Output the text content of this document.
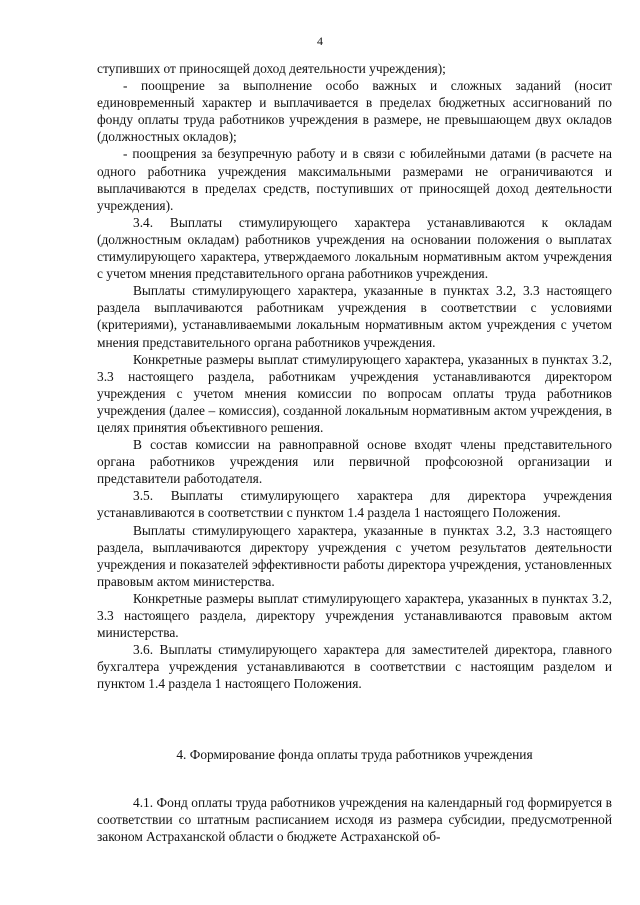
4

ступивших от приносящей доход деятельности учреждения);

- поощрение за выполнение особо важных и сложных заданий (носит единовременный характер и выплачивается в пределах бюджетных ассигнований по фонду оплаты труда работников учреждения в размере, не превышающем двух окладов (должностных окладов);

- поощрения за безупречную работу и в связи с юбилейными датами (в расчете на одного работника учреждения максимальными размерами не ограничиваются и выплачиваются в пределах средств, поступивших от приносящей доход деятельности учреждения).

3.4. Выплаты стимулирующего характера устанавливаются к окладам (должностным окладам) работников учреждения на основании положения о выплатах стимулирующего характера, утверждаемого локальным нормативным актом учреждения с учетом мнения представительного органа работников учреждения.

Выплаты стимулирующего характера, указанные в пунктах 3.2, 3.3 настоящего раздела выплачиваются работникам учреждения в соответствии с условиями (критериями), устанавливаемыми локальным нормативным актом учреждения с учетом мнения представительного органа работников учреждения.

Конкретные размеры выплат стимулирующего характера, указанных в пунктах 3.2, 3.3 настоящего раздела, работникам учреждения устанавливаются директором учреждения с учетом мнения комиссии по вопросам оплаты труда работников учреждения (далее – комиссия), созданной локальным нормативным актом учреждения, в целях принятия объективного решения.

В состав комиссии на равноправной основе входят члены представительного органа работников учреждения или первичной профсоюзной организации и представители работодателя.

3.5. Выплаты стимулирующего характера для директора учреждения устанавливаются в соответствии с пунктом 1.4 раздела 1 настоящего Положения.

Выплаты стимулирующего характера, указанные в пунктах 3.2, 3.3 настоящего раздела, выплачиваются директору учреждения с учетом результатов деятельности учреждения и показателей эффективности работы директора учреждения, установленных правовым актом министерства.

Конкретные размеры выплат стимулирующего характера, указанных в пунктах 3.2, 3.3 настоящего раздела, директору учреждения устанавливаются правовым актом министерства.

3.6. Выплаты стимулирующего характера для заместителей директора, главного бухгалтера учреждения устанавливаются в соответствии с настоящим разделом и пунктом 1.4 раздела 1 настоящего Положения.

4. Формирование фонда оплаты труда работников учреждения

4.1. Фонд оплаты труда работников учреждения на календарный год формируется в соответствии со штатным расписанием исходя из размера субсидии, предусмотренной законом Астраханской области о бюджете Астраханской об-
